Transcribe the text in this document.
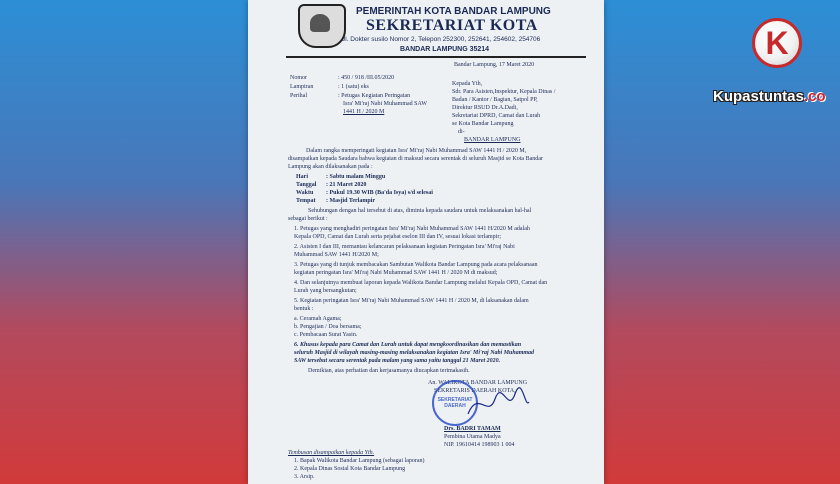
PEMERINTAH KOTA BANDAR LAMPUNG
SEKRETARIAT KOTA
Jl. Dokter susilo Nomor 2, Telepon 252300, 252641, 254602, 254706
BANDAR LAMPUNG 35214
Bandar Lampung, 17 Maret 2020
Nomor	: 450 / 918 /III.05/2020
Lampiran	: 1 (satu) eks
Perihal	: Petugas Kegiatan Peringatan
Isra' Mi'raj Nabi Muhammad SAW
1441 H / 2020 M
Kepada Yth,
Sdr. Para Asisten,Inspektur, Kepala Dinas /
Badan / Kantor / Bagian, Satpol PP,
Direktur RSUD Dr.A.Dadi,
Sekretariat DPRD, Camat dan Lurah
se Kota Bandar Lampung
di-
BANDAR LAMPUNG
Dalam rangka memperingati kegiatan Isra' Mi'raj Nabi Muhammad SAW 1441 H / 2020 M,
disampaikan kepada Saudara bahwa kegiatan di maksud secara serentak di seluruh Masjid se Kota Bandar
Lampung akan dilaksanakan pada :
Hari	: Sabtu malam Minggu
Tanggal : 21 Maret 2020
Waktu : Pukul 19.30 WIB (Ba'da Isya) s/d selesai
Tempat : Masjid Terlampir
Sehubungan dengan hal tersebut di atas, diminta kepada saudara untuk melaksanakan hal-hal
sebagai berikut :
1. Petugas yang menghadiri peringatan Isra' Mi'raj Nabi Muhammad SAW 1441 H/2020 M adalah
Kepala OPD, Camat dan Lurah serta pejabat eselon III dan IV, sesuai lokasi terlampir;
2. Asisten I dan III, memantau kelancaran pelaksanaan kegiatan Peringatan Isra' Mi'raj Nabi
Muhammad SAW 1441 H/2020 M;
3. Petugas yang di tunjuk membacakan Sambutan Walikota Bandar Lampung pada acara pelaksanaan
kegiatan peringatan Isra' Mi'raj Nabi Muhammad SAW 1441 H / 2020 M di maksud;
4. Dan selanjutnya membuat laporan kepada Walikota Bandar Lampung melalui Kepala OPD, Camat dan
Lurah yang bersangkutan;
5. Kegiatan peringatan Isra' Mi'raj Nabi Muhammad SAW 1441 H / 2020 M, di laksanakan dalam
bentuk :
a. Ceramah Agama;
b. Pengajian / Doa bersama;
c. Pembacaan Surat Yasin.
6. Khusus kepada para Camat dan Lurah untuk dapat mengkoordinasikan dan memastikan
seluruh Masjid di wilayah masing-masing melaksanakan kegiatan Isra' Mi'raj Nabi Muhammad
SAW tersebut secara serentak pada malam yang sama yaitu tanggal 21 Maret 2020.
Demikian, atas perhatian dan kerjasamanya diucapkan terimakasih.
An. WALIKOTA BANDAR LAMPUNG
SEKRETARIS DAERAH KOTA,
SEKRETARIAT DAERAH
Drs. BADRI TAMAM
Pembina Utama Madya
NIP. 19610414 198903 1 004
Tembusan disampaikan kepada Yth.
1. Bapak Walikota Bandar Lampung (sebagai laporan)
2. Kepala Dinas Sosial Kota Bandar Lampung
3. Arsip.
K
Kupastuntas.co
